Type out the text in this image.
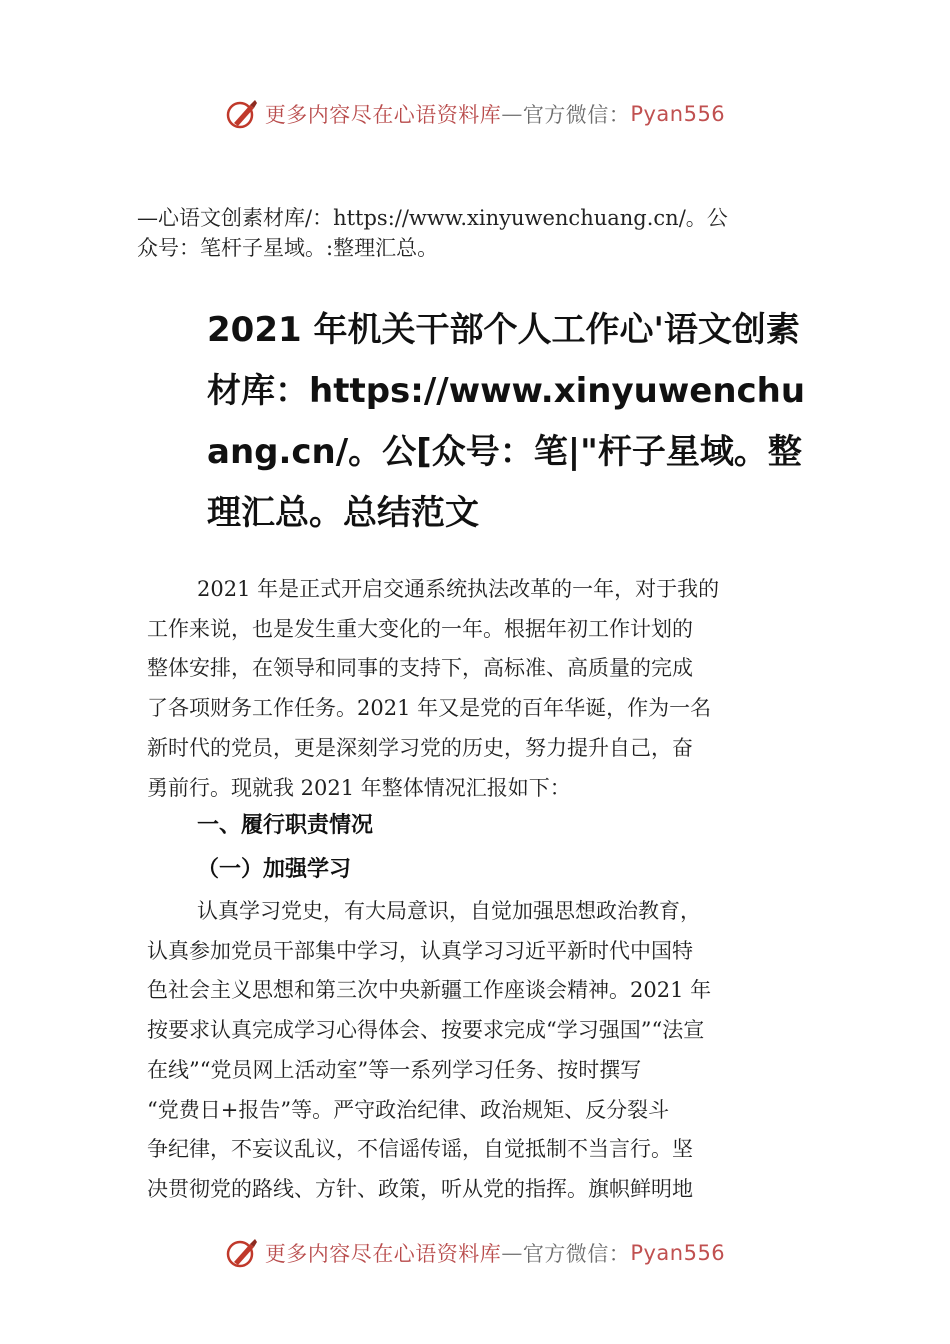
更多内容尽在心语资料库 — 官方微信： Pyan556
—心语文创素材库/：https://www.xinyuwenchuang.cn/。公
众号：笔杆子星域。:整理汇总。
2021 年机关干部个人工作心'语文创素
材库：https://www.xinyuwenchu
ang.cn/。公[众号：笔|"杆子星域。整
理汇总。总结范文
2021 年是正式开启交通系统执法改革的一年，对于我的
工作来说，也是发生重大变化的一年。根据年初工作计划的
整体安排，在领导和同事的支持下，高标准、高质量的完成
了各项财务工作任务。2021 年又是党的百年华诞，作为一名
新时代的党员，更是深刻学习党的历史，努力提升自己，奋
勇前行。现就我 2021 年整体情况汇报如下：
一、履行职责情况
（一）加强学习
认真学习党史，有大局意识，自觉加强思想政治教育，
认真参加党员干部集中学习，认真学习习近平新时代中国特
色社会主义思想和第三次中央新疆工作座谈会精神。2021 年
按要求认真完成学习心得体会、按要求完成“学习强国”“法宣
在线”“党员网上活动室”等一系列学习任务、按时撰写
“党费日+报告”等。严守政治纪律、政治规矩、反分裂斗
争纪律，不妄议乱议，不信谣传谣，自觉抵制不当言行。坚
决贯彻党的路线、方针、政策，听从党的指挥。旗帜鲜明地
更多内容尽在心语资料库 — 官方微信： Pyan556
